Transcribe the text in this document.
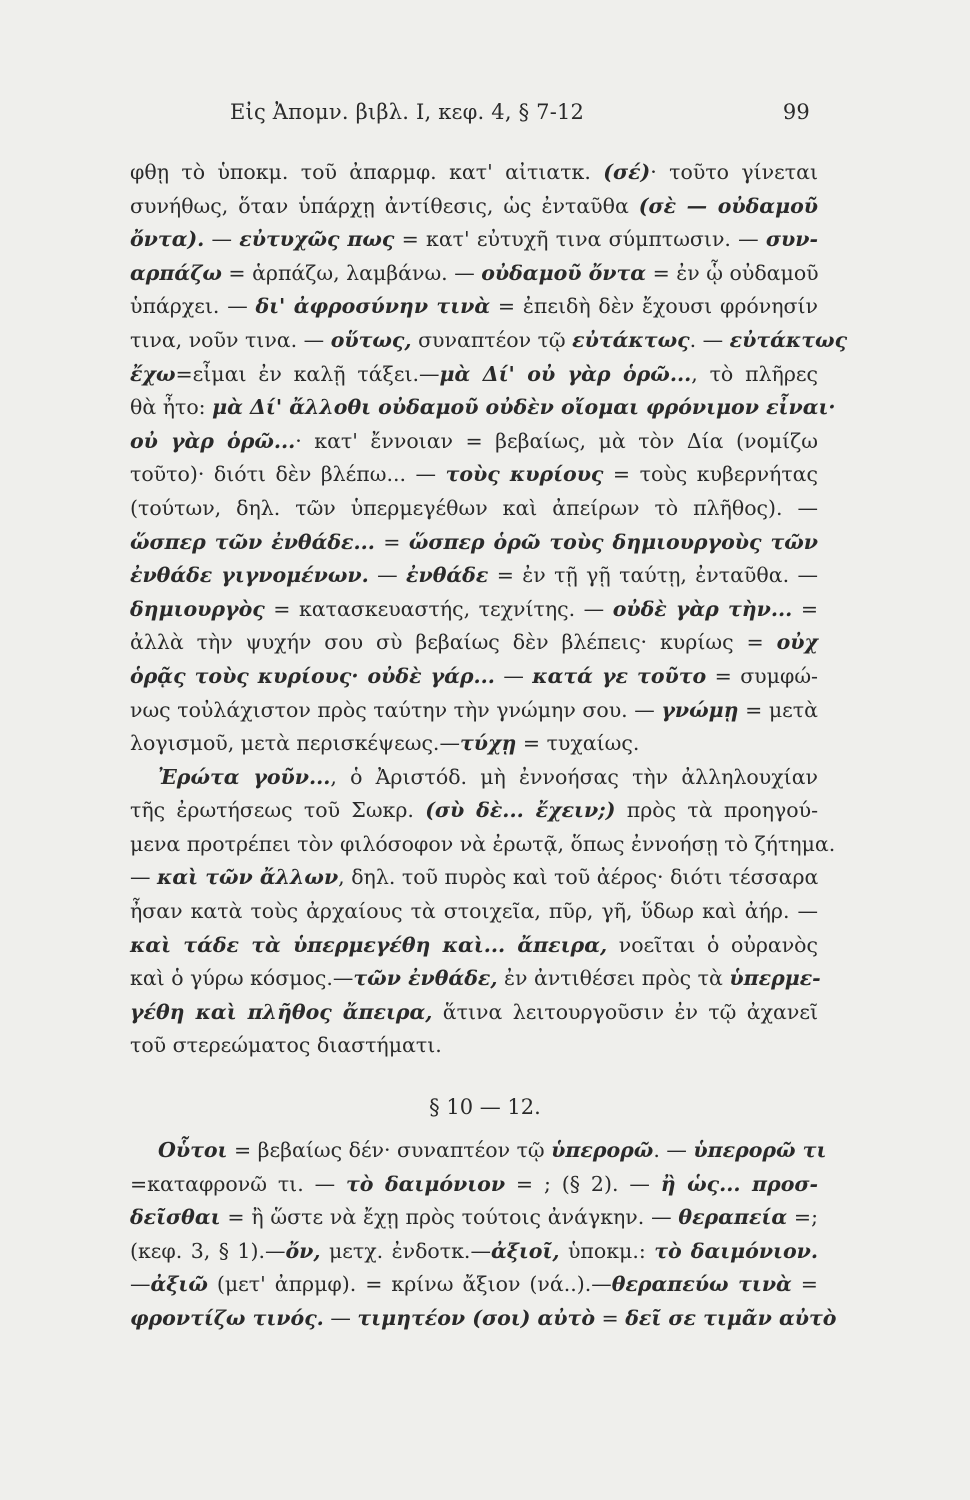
Εἰς Ἀπομν. βιβλ. Ι, κεφ. 4, § 7-12	99
φθῃ τὸ ὑποκμ. τοῦ ἀπαρμφ. κατ' αἰτιατκ. (σέ)· τοῦτο γίνεται
συνήθως, ὅταν ὑπάρχῃ ἀντίθεσις, ὡς ἐνταῦθα (σὲ — οὐδαμοῦ
ὄντα). — εὐτυχῶς πως = κατ' εὐτυχῆ τινα σύμπτωσιν. — συν-
αρπάζω = ἁρπάζω, λαμβάνω. — οὐδαμοῦ ὄντα = ἐν ᾧ οὐδαμοῦ
ὑπάρχει. — δι' ἀφροσύνην τινὰ = ἐπειδὴ δὲν ἔχουσι φρόνησίν
τινα, νοῦν τινα. — οὕτως, συναπτέον τῷ εὐτάκτως. — εὐτάκτως
ἔχω=εἶμαι ἐν καλῇ τάξει.—μὰ Δί' οὐ γὰρ ὁρῶ..., τὸ πλῆρες
θὰ ἦτο: μὰ Δί' ἄλλοθι οὐδαμοῦ οὐδὲν οἴομαι φρόνιμον εἶναι·
οὐ γὰρ ὁρῶ...· κατ' ἔννοιαν = βεβαίως, μὰ τὸν Δία (νομίζω
τοῦτο)· διότι δὲν βλέπω... — τοὺς κυρίους = τοὺς κυβερνήτας
(τούτων, δηλ. τῶν ὑπερμεγέθων καὶ ἀπείρων τὸ πλῆθος). —
ὥσπερ τῶν ἐνθάδε... = ὥσπερ ὁρῶ τοὺς δημιουργοὺς τῶν
ἐνθάδε γιγνομένων. — ἐνθάδε = ἐν τῇ γῇ ταύτῃ, ἐνταῦθα. —
δημιουργὸς = κατασκευαστής, τεχνίτης. — οὐδὲ γὰρ τὴν... =
ἀλλὰ τὴν ψυχήν σου σὺ βεβαίως δὲν βλέπεις· κυρίως = οὐχ
ὁρᾷς τοὺς κυρίους· οὐδὲ γάρ... — κατά γε τοῦτο = συμφώ-
νως τοὐλάχιστον πρὸς ταύτην τὴν γνώμην σου. — γνώμῃ = μετὰ
λογισμοῦ, μετὰ περισκέψεως.—τύχῃ = τυχαίως.
Ἐρώτα γοῦν..., ὁ Ἀριστόδ. μὴ ἐννοήσας τὴν ἀλληλουχίαν
τῆς ἐρωτήσεως τοῦ Σωκρ. (σὺ δὲ... ἔχειν;) πρὸς τὰ προηγού-
μενα προτρέπει τὸν φιλόσοφον νὰ ἐρωτᾷ, ὅπως ἐννοήσῃ τὸ ζήτημα.
— καὶ τῶν ἄλλων, δηλ. τοῦ πυρὸς καὶ τοῦ ἀέρος· διότι τέσσαρα
ἦσαν κατὰ τοὺς ἀρχαίους τὰ στοιχεῖα, πῦρ, γῆ, ὕδωρ καὶ ἀήρ. —
καὶ τάδε τὰ ὑπερμεγέθη καὶ... ἄπειρα, νοεῖται ὁ οὐρανὸς
καὶ ὁ γύρω κόσμος.—τῶν ἐνθάδε, ἐν ἀντιθέσει πρὸς τὰ ὑπερμε-
γέθη καὶ πλῆθος ἄπειρα, ἅτινα λειτουργοῦσιν ἐν τῷ ἀχανεῖ
τοῦ στερεώματος διαστήματι.
§ 10 — 12.
Οὗτοι = βεβαίως δέν· συναπτέον τῷ ὑπερορῶ. — ὑπερορῶ τι
=καταφρονῶ τι. — τὸ δαιμόνιον = ; (§ 2). — ἢ ὡς... προσ-
δεῖσθαι = ἢ ὥστε νὰ ἔχῃ πρὸς τούτοις ἀνάγκην. — θεραπεία =;
(κεφ. 3, § 1).—ὄν, μετχ. ἐνδοτκ.—ἀξιοῖ, ὑποκμ.: τὸ δαιμόνιον.
—ἀξιῶ (μετ' ἀπρμφ). = κρίνω ἄξιον (νά..).—θεραπεύω τινὰ =
φροντίζω τινός. — τιμητέον (σοι) αὐτὸ = δεῖ σε τιμᾶν αὐτὸ
